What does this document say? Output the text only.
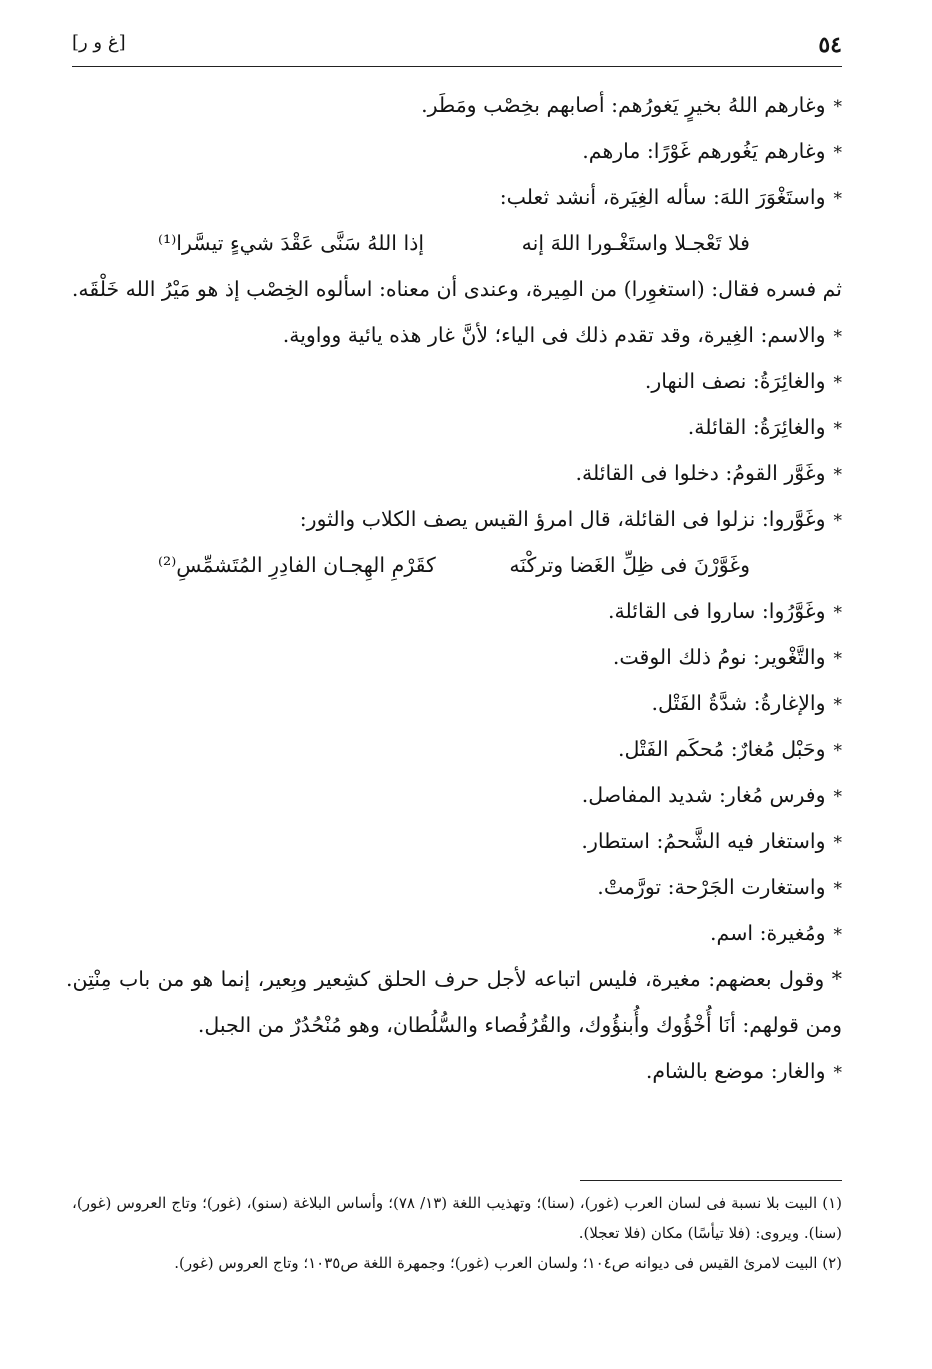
٥٤
[غ و ر]
*وغارهم اللهُ بخيرٍ يَغورُهم: أصابهم بخِصْب ومَطَر.
*وغارهم يَغُورهم غَوْرًا: مارهم.
*واستَغْوَرَ اللهَ: سأله الغِيَرة، أنشد ثعلب:
فلا تَعْجـلا واستَغْـورا اللهَ إنه
إذا اللهُ سَنَّى عَقْدَ شيءٍ تيسَّرا⁽¹⁾
ثم فسره فقال: (استغوِرا) من المِيرة، وعندى أن معناه: اسألوه الخِصْب إذ هو مَيْرُ الله خَلْقَه.
*والاسم: الغِيرة، وقد تقدم ذلك فى الياء؛ لأنَّ غار هذه يائية وواوية.
*والغائِرَةُ: نصف النهار.
*والغائِرَةُ: القائلة.
*وغَوَّر القومُ: دخلوا فى القائلة.
*وغَوَّروا: نزلوا فى القائلة، قال امرؤ القيس يصف الكلاب والثور:
وغَوَّرْنَ فى ظِلِّ الغَضا وتركْنَه
كقَرْمِ الهِجـان الفادِرِ المُتَشمِّسِ⁽²⁾
*وغَوَّرُوا: ساروا فى القائلة.
*والتَّغْوير: نومُ ذلك الوقت.
*والإغارةُ: شدَّةُ الفَتْل.
*وحَبْل مُغارٌ: مُحكَم الفَتْل.
*وفرس مُغار: شديد المفاصل.
*واستغار فيه الشَّحمُ: استطار.
*واستغارت الجَرْحة: تورَّمتْ.
*ومُغيرة: اسم.
* وقول بعضهم: مغيرة، فليس اتباعه لأجل حرف الحلق كشِعير وبِعير، إنما هو من باب مِنْتِن. ومن قولهم: أنَا أُخْؤُوك وأُبنؤُوك، والقُرُفُصاء والسُّلُطان، وهو مُنْحُدُرٌ من الجبل.
*والغار: موضع بالشام.

(١) البيت بلا نسبة فى لسان العرب (غور)، (سنا)؛ وتهذيب اللغة (١٣/ ٧٨)؛ وأساس البلاغة (سنو)، (غور)؛ وتاج العروس (غور)، (سنا). ويروى: (فلا تيأسًا) مكان (فلا تعجلا).

(٢) البيت لامرئ القيس فى ديوانه ص١٠٤؛ ولسان العرب (غور)؛ وجمهرة اللغة ص١٠٣٥؛ وتاج العروس (غور).
